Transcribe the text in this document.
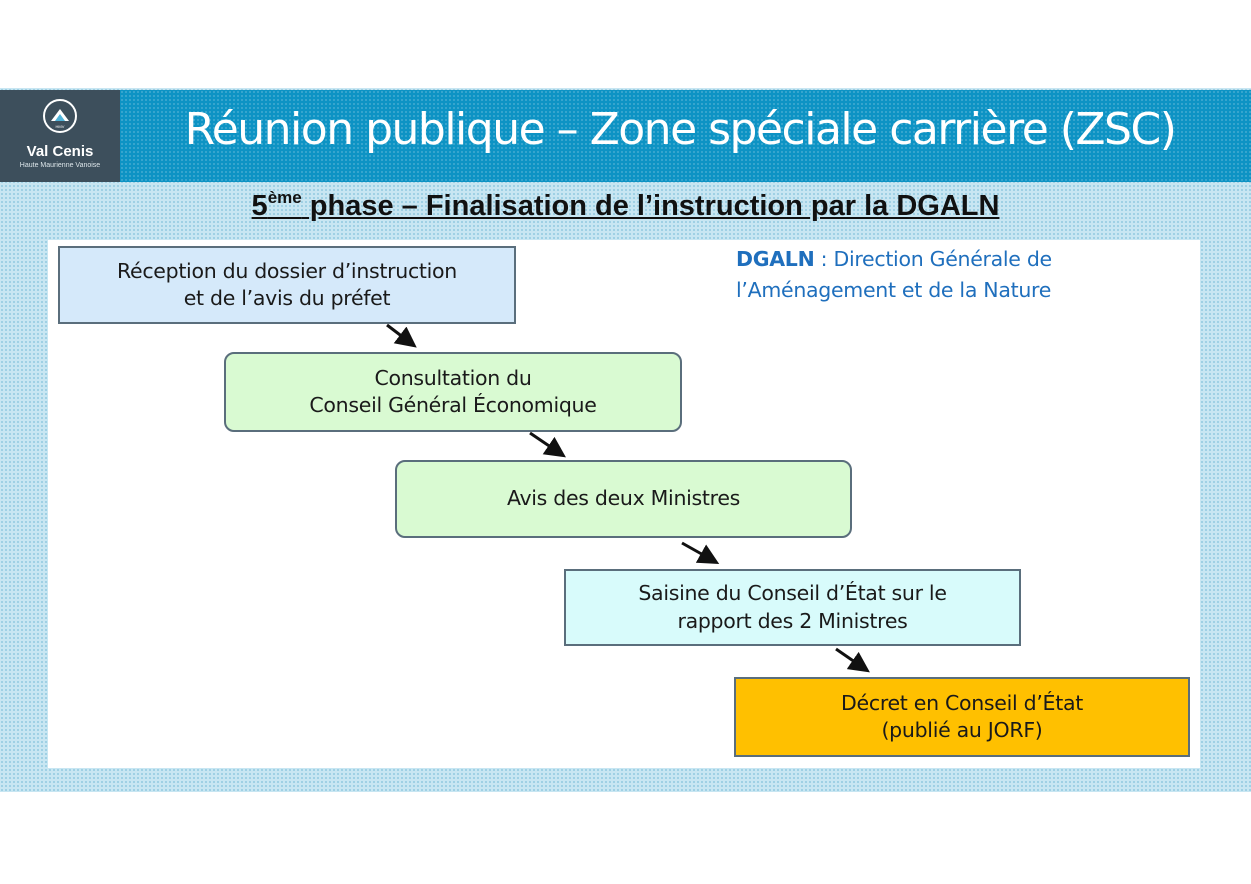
HMV
Val Cenis
Haute Maurienne Vanoise
Réunion publique – Zone spéciale carrière (ZSC)
5ème phase – Finalisation de l’instruction par la DGALN
Réception du dossier d’instruction
et de l’avis du préfet
Consultation du
Conseil Général Économique
Avis des deux Ministres
Saisine du Conseil d’État sur le
rapport des 2 Ministres
Décret en Conseil d’État
(publié au JORF)
DGALN : Direction Générale de l’Aménagement et de la Nature
